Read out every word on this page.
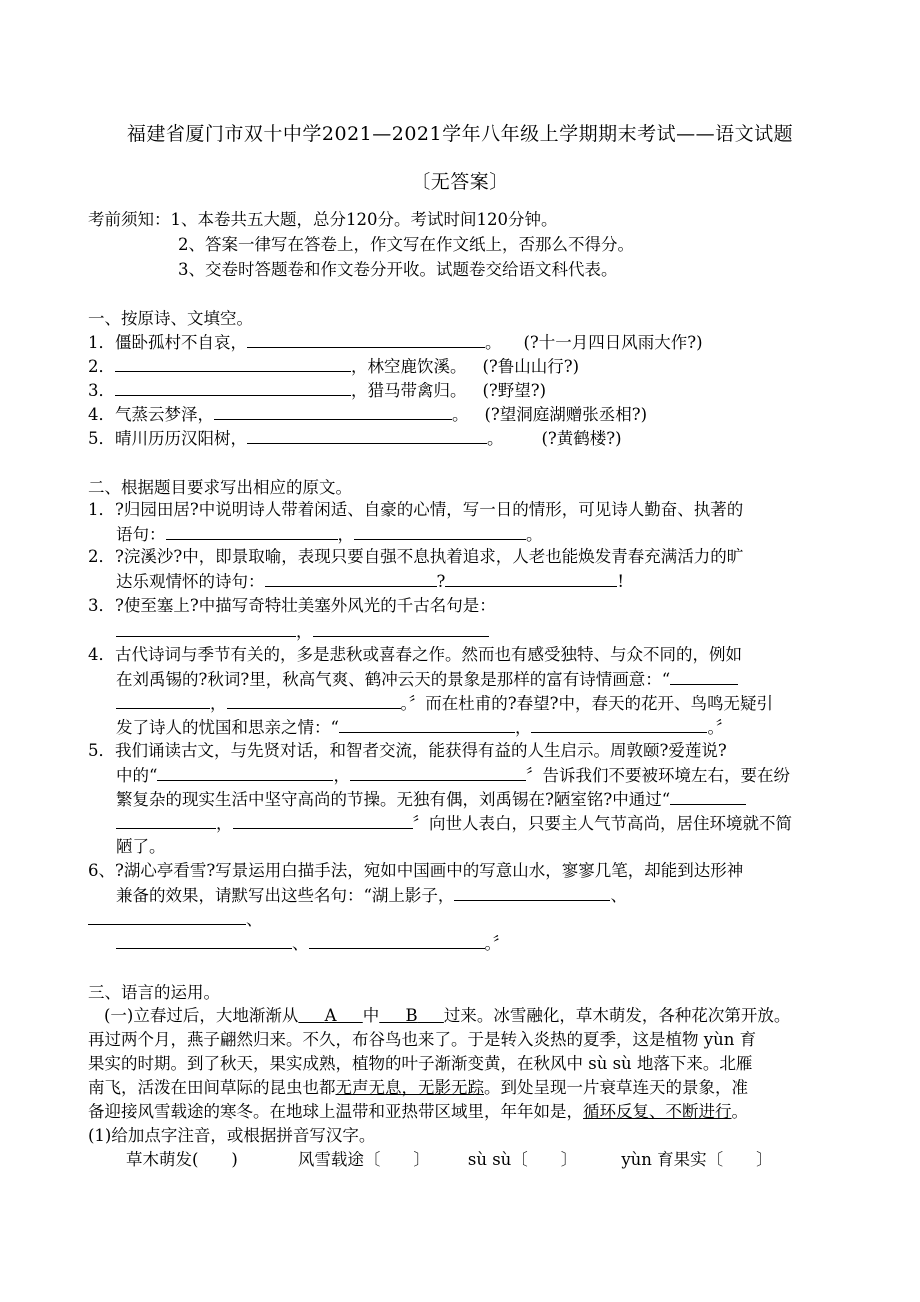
福建省厦门市双十中学2021—2021学年八年级上学期期末考试——语文试题
〔无答案〕
考前须知：1、本卷共五大题，总分120分。考试时间120分钟。
2、答案一律写在答卷上，作文写在作文纸上，否那么不得分。
3、交卷时答题卷和作文卷分开收。试题卷交给语文科代表。
一、按原诗、文填空。
1．僵卧孤村不自哀，	。 (?十一月四日风雨大作?)
2．	，林空鹿饮溪。 (?鲁山山行?)
3．	，猎马带禽归。 (?野望?)
4．气蒸云梦泽，	。 (?望洞庭湖赠张丞相?)
5．晴川历历汉阳树，	。 (?黄鹤楼?)
二、根据题目要求写出相应的原文。
1．?归园田居?中说明诗人带着闲适、自豪的心情，写一日的情形，可见诗人勤奋、执著的
语句：	，	。
2．?浣溪沙?中，即景取喻，表现只要自强不息执着追求，人老也能焕发青春充满活力的旷
达乐观情怀的诗句：	?	!
3．?使至塞上?中描写奇特壮美塞外风光的千古名句是：
，
4．古代诗词与季节有关的，多是悲秋或喜春之作。然而也有感受独特、与众不同的，例如
在刘禹锡的?秋词?里，秋高气爽、鹤冲云天的景象是那样的富有诗情画意：“
，	。〞而在杜甫的?春望?中，春天的花开、鸟鸣无疑引
发了诗人的忧国和思亲之情：“	，	。〞
5．我们诵读古文，与先贤对话，和智者交流，能获得有益的人生启示。周敦颐?爱莲说?
中的“	，	〞告诉我们不要被环境左右，要在纷
繁复杂的现实生活中坚守高尚的节操。无独有偶，刘禹锡在?陋室铭?中通过“
，	〞向世人表白，只要主人气节高尚，居住环境就不简
陋了。
6、?湖心亭看雪?写景运用白描手法，宛如中国画中的写意山水，寥寥几笔，却能到达形神
兼备的效果，请默写出这些名句：“湖上影子，	、
、
、	。〞
三、语言的运用。
(一)立春过后，大地渐渐从 A 中 B 过来。冰雪融化，草木萌发，各种花次第开放。
再过两个月，燕子翩然归来。不久，布谷鸟也来了。于是转入炎热的夏季，这是植物 yùn 育
果实的时期。到了秋天，果实成熟，植物的叶子渐渐变黄，在秋风中 sù sù 地落下来。北雁
南飞，活泼在田间草际的昆虫也都无声无息，无影无踪。到处呈现一片衰草连天的景象，准
备迎接风雪载途的寒冬。在地球上温带和亚热带区域里，年年如是，循环反复、不断进行。
(1)给加点字注音，或根据拼音写汉字。
草木萌发(　　)	风雪载途〔　　〕 sù sù〔　　〕	yùn 育果实〔　　〕
